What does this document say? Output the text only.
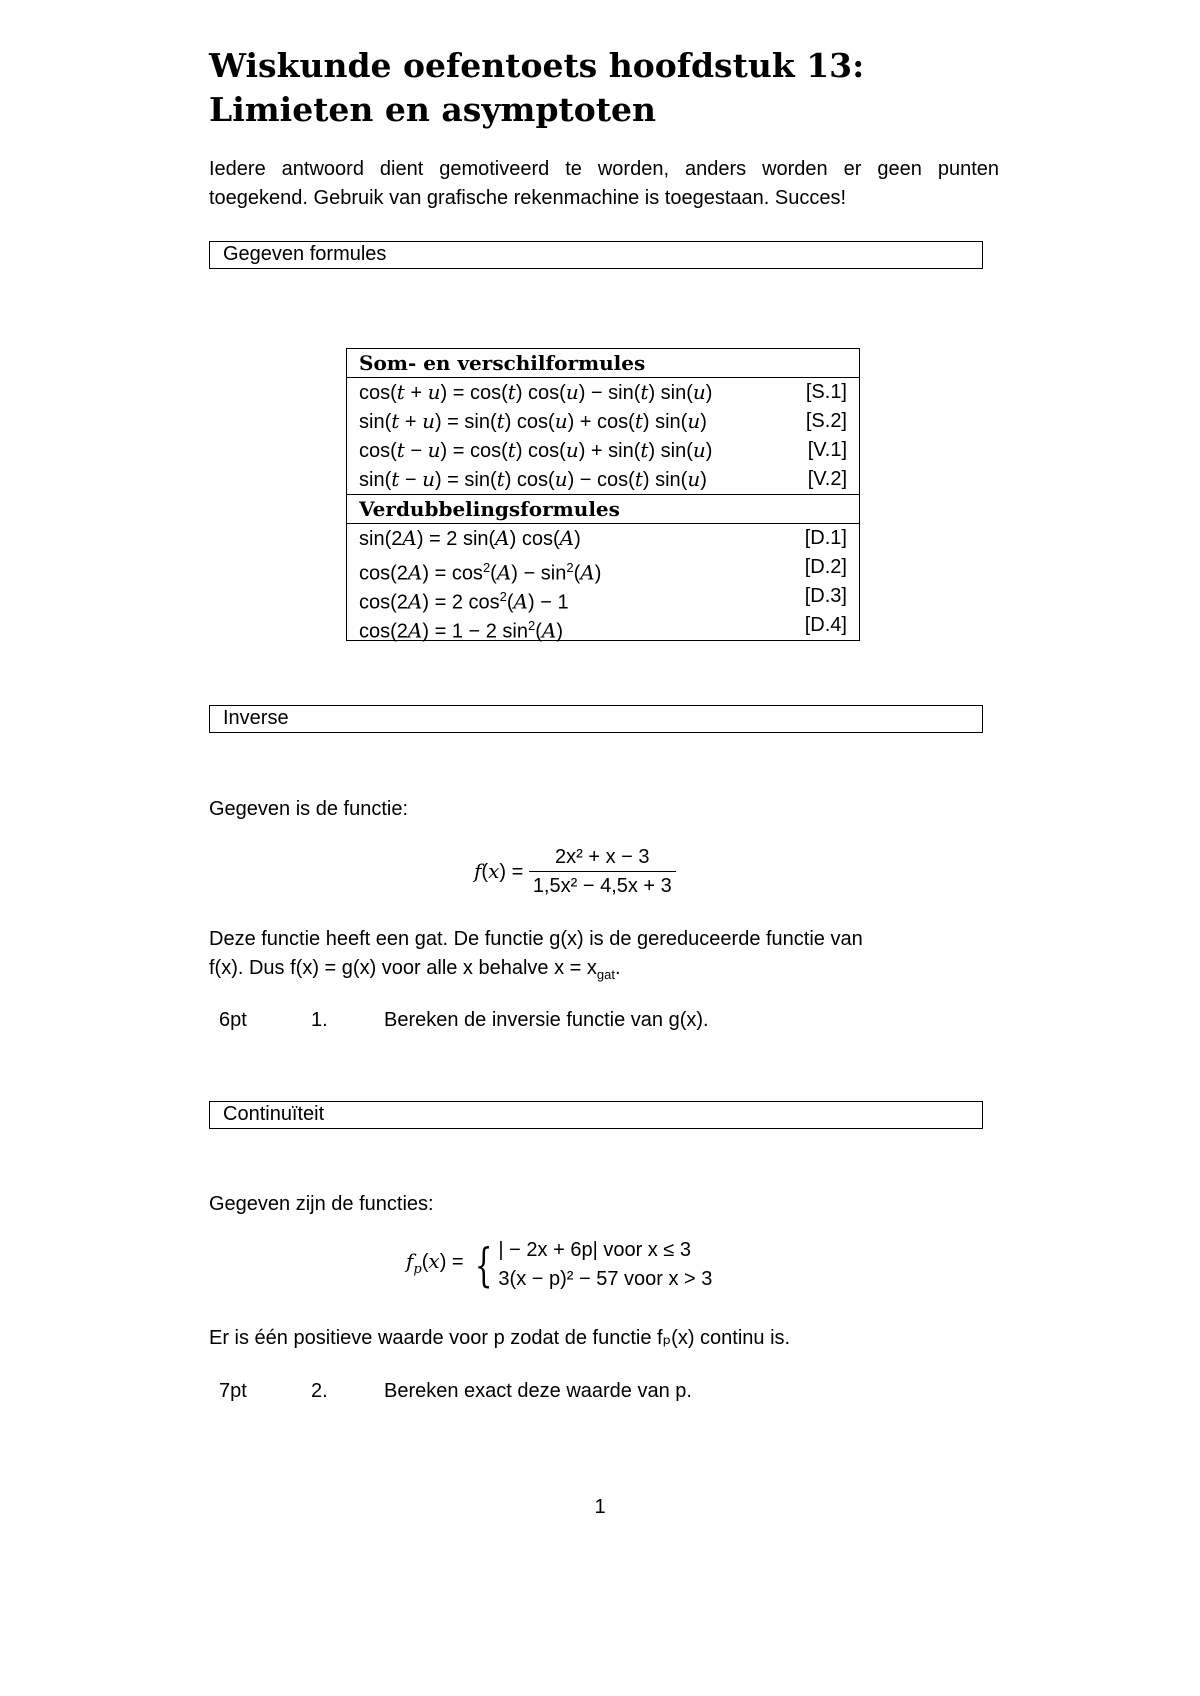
Wiskunde oefentoets hoofdstuk 13: Limieten en asymptoten
Iedere antwoord dient gemotiveerd te worden, anders worden er geen punten toegekend. Gebruik van grafische rekenmachine is toegestaan. Succes!
Gegeven formules
Som- en verschilformules
cos(t + u) = cos(t) cos(u) − sin(t) sin(u)	[S.1]
sin(t + u) = sin(t) cos(u) + cos(t) sin(u)	[S.2]
cos(t − u) = cos(t) cos(u) + sin(t) sin(u)	[V.1]
sin(t − u) = sin(t) cos(u) − cos(t) sin(u)	[V.2]
Verdubbelingsformules
sin(2A) = 2 sin(A) cos(A)	[D.1]
$\cos(2A) = \cos^2(A) - \sin^2(A)$	[D.2]
cos(2A) = 2 $\cos^2(A) - 1$	[D.3]
cos(2A) = 1 − 2 $\sin^2(A)$	[D.4]
Inverse
Gegeven is de functie:
$f(x) = \frac{\text{2x² + x − 3}}{\text{1,5x² − 4,5x + 3}}$
Deze functie heeft een gat. De functie g(x) is de gereduceerde functie van
f(x). Dus f(x) = g(x) voor alle x behalve $x = x_{gat}$.
6pt	1.	Bereken de inversie functie van g(x).
Continuïteit
Gegeven zijn de functies:
$f_p(x)$ = { | − 2x + 6p| voor x ≤ 3
3(x − p)² − 57 voor x > 3
Er is één positieve waarde voor p zodat de functie fₚ(x) continu is.
7pt	2.	Bereken exact deze waarde van p.
1
